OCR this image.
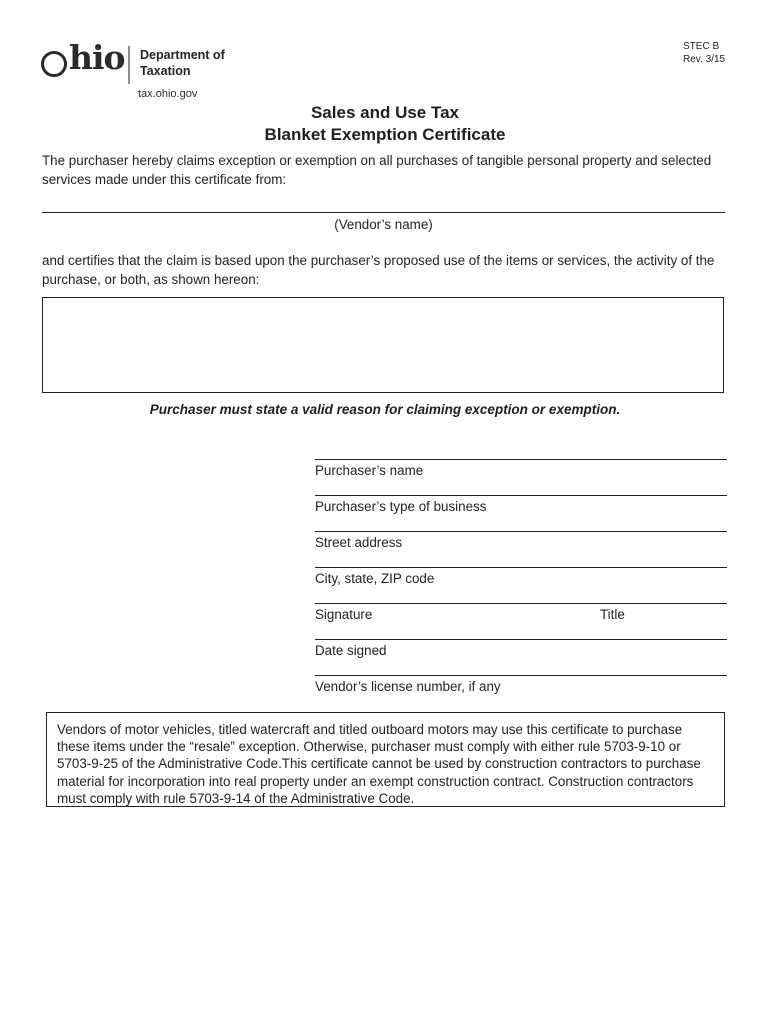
hio Department of
Taxation
tax.ohio.gov
STEC B
Rev. 3/15
Sales and Use Tax
Blanket Exemption Certificate
The purchaser hereby claims exception or exemption on all purchases of tangible personal property and selected services made under this certificate from:
(Vendor’s name)
and certifies that the claim is based upon the purchaser’s proposed use of the items or services, the activity of the purchase, or both, as shown hereon:
Purchaser must state a valid reason for claiming exception or exemption.
Purchaser’s name
Purchaser’s type of business
Street address
City, state, ZIP code
Signature	Title
Date signed
Vendor’s license number, if any
Vendors of motor vehicles, titled watercraft and titled outboard motors may use this certificate to purchase these items under the “resale” exception. Otherwise, purchaser must comply with either rule 5703-9-10 or 5703-9-25 of the Administrative Code.This certificate cannot be used by construction contractors to purchase material for incorporation into real property under an exempt construction contract. Construction contractors must comply with rule 5703-9-14 of the Administrative Code.
